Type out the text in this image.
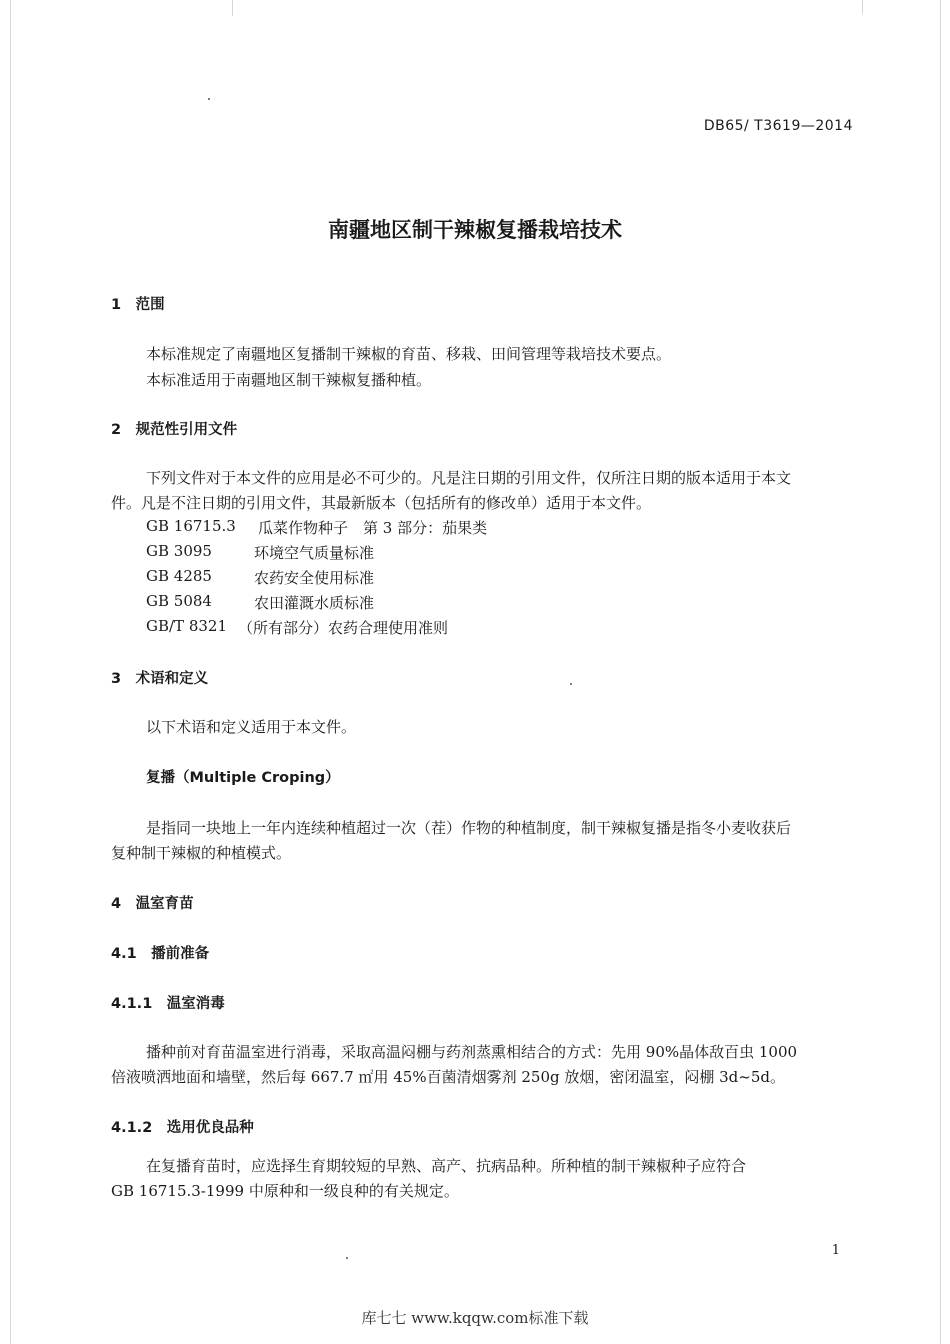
DB65/ T3619—2014
南疆地区制干辣椒复播栽培技术
1　范围
本标准规定了南疆地区复播制干辣椒的育苗、移栽、田间管理等栽培技术要点。
本标准适用于南疆地区制干辣椒复播种植。
2　规范性引用文件
下列文件对于本文件的应用是必不可少的。凡是注日期的引用文件，仅所注日期的版本适用于本文
件。凡是不注日期的引用文件，其最新版本（包括所有的修改单）适用于本文件。
GB 16715.3 瓜菜作物种子　第 3 部分：茄果类
GB 3095	环境空气质量标准
GB 4285	农药安全使用标准
GB 5084	农田灌溉水质标准
GB/T 8321 （所有部分）农药合理使用准则
3　术语和定义
以下术语和定义适用于本文件。
复播（Multiple Croping）
是指同一块地上一年内连续种植超过一次（茬）作物的种植制度，制干辣椒复播是指冬小麦收获后
复种制干辣椒的种植模式。
4　温室育苗
4.1　播前准备
4.1.1　温室消毒
播种前对育苗温室进行消毒，采取高温闷棚与药剂蒸熏相结合的方式：先用 90%晶体敌百虫 1000
倍液喷洒地面和墙壁，然后每 667.7 ㎡用 45%百菌清烟雾剂 250g 放烟，密闭温室，闷棚 3d~5d。
4.1.2　选用优良品种
在复播育苗时，应选择生育期较短的早熟、高产、抗病品种。所种植的制干辣椒种子应符合
GB 16715.3-1999 中原种和一级良种的有关规定。
1
库七七 www.kqqw.com标准下载
